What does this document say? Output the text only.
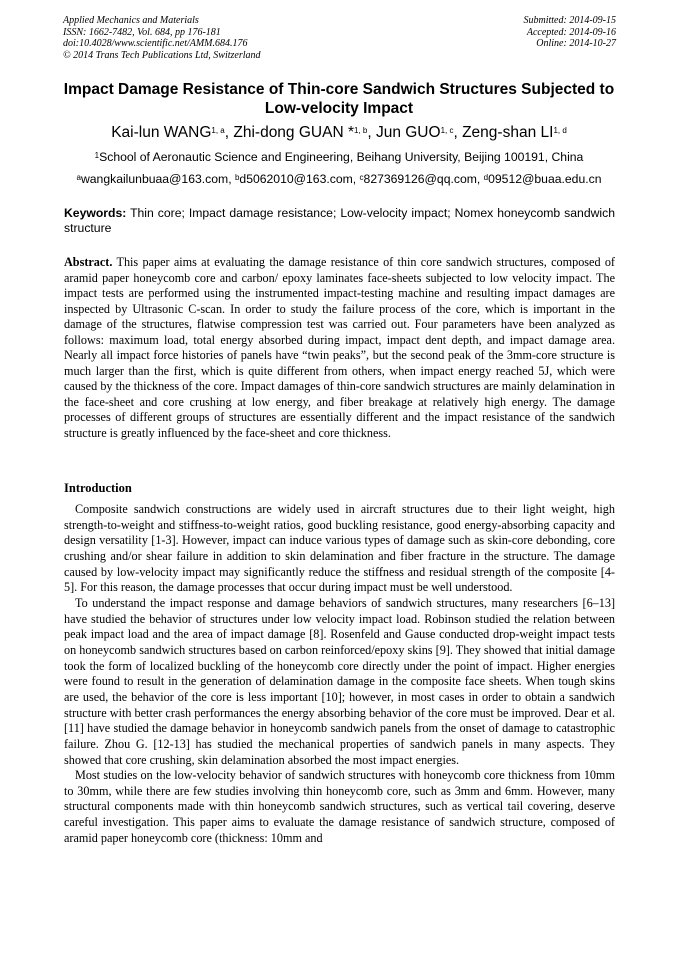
Applied Mechanics and Materials
ISSN: 1662-7482, Vol. 684, pp 176-181
doi:10.4028/www.scientific.net/AMM.684.176
© 2014 Trans Tech Publications Ltd, Switzerland
Submitted: 2014-09-15
Accepted: 2014-09-16
Online: 2014-10-27
Impact Damage Resistance of Thin-core Sandwich Structures Subjected to Low-velocity Impact
Kai-lun WANG$^{1, a}$, Zhi-dong GUAN *$^{1, b}$, Jun GUO$^{1, c}$, Zeng-shan LI$^{1, d}$
$^1$School of Aeronautic Science and Engineering, Beihang University, Beijing 100191, China
$^a$wangkailunbuaa@163.com, $^b$d5062010@163.com, $^c$827369126@qq.com, $^d$09512@buaa.edu.cn
Keywords: Thin core; Impact damage resistance; Low-velocity impact; Nomex honeycomb sandwich structure
Abstract. This paper aims at evaluating the damage resistance of thin core sandwich structures, composed of aramid paper honeycomb core and carbon/ epoxy laminates face-sheets subjected to low velocity impact. The impact tests are performed using the instrumented impact-testing machine and resulting impact damages are inspected by Ultrasonic C-scan. In order to study the failure process of the core, which is important in the damage of the structures, flatwise compression test was carried out. Four parameters have been analyzed as follows: maximum load, total energy absorbed during impact, impact dent depth, and impact damage area. Nearly all impact force histories of panels have “twin peaks”, but the second peak of the 3mm-core structure is much larger than the first, which is quite different from others, when impact energy reached 5J, which were caused by the thickness of the core. Impact damages of thin-core sandwich structures are mainly delamination in the face-sheet and core crushing at low energy, and fiber breakage at relatively high energy. The damage processes of different groups of structures are essentially different and the impact resistance of the sandwich structure is greatly influenced by the face-sheet and core thickness.
Introduction

Composite sandwich constructions are widely used in aircraft structures due to their light weight, high strength-to-weight and stiffness-to-weight ratios, good buckling resistance, good energy-absorbing capacity and design versatility [1-3]. However, impact can induce various types of damage such as skin-core debonding, core crushing and/or shear failure in addition to skin delamination and fiber fracture in the structure. The damage caused by low-velocity impact may significantly reduce the stiffness and residual strength of the composite [4-5]. For this reason, the damage processes that occur during impact must be well understood.

To understand the impact response and damage behaviors of sandwich structures, many researchers [6–13] have studied the behavior of structures under low velocity impact load. Robinson studied the relation between peak impact load and the area of impact damage [8]. Rosenfeld and Gause conducted drop-weight impact tests on honeycomb sandwich structures based on carbon reinforced/epoxy skins [9]. They showed that initial damage took the form of localized buckling of the honeycomb core directly under the point of impact. Higher energies were found to result in the generation of delamination damage in the composite face sheets. When tough skins are used, the behavior of the core is less important [10]; however, in most cases in order to obtain a sandwich structure with better crash performances the energy absorbing behavior of the core must be improved. Dear et al. [11] have studied the damage behavior in honeycomb sandwich panels from the onset of damage to catastrophic failure. Zhou G. [12-13] has studied the mechanical properties of sandwich panels in many aspects. They showed that core crushing, skin delamination absorbed the most impact energies.

Most studies on the low-velocity behavior of sandwich structures with honeycomb core thickness from 10mm to 30mm, while there are few studies involving thin honeycomb core, such as 3mm and 6mm. However, many structural components made with thin honeycomb sandwich structures, such as vertical tail covering, deserve careful investigation. This paper aims to evaluate the damage resistance of sandwich structure, composed of aramid paper honeycomb core (thickness: 10mm and
